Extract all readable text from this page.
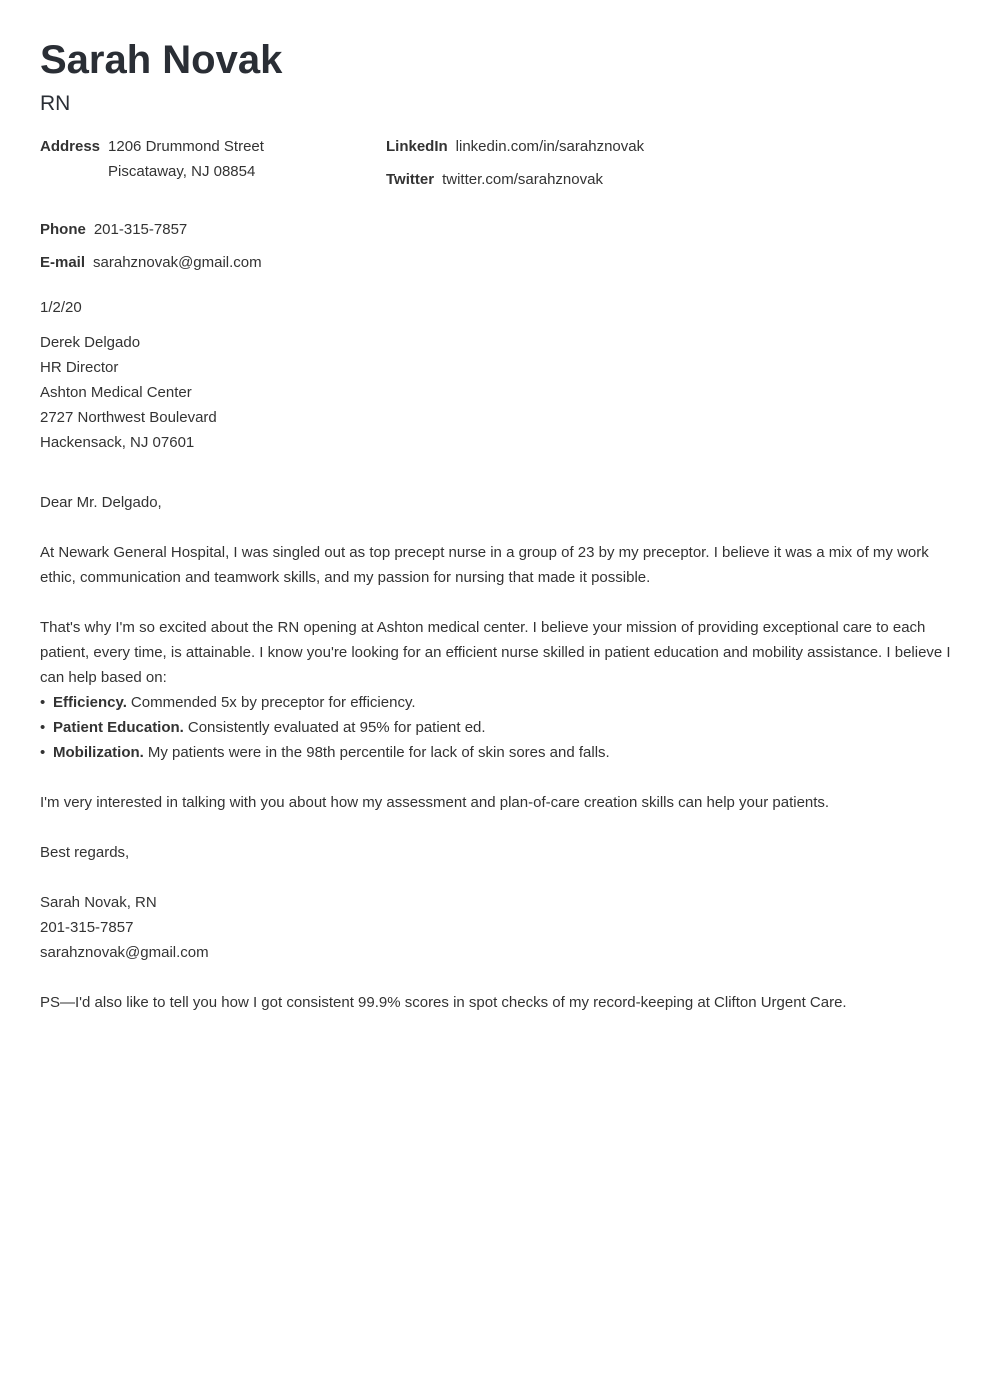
Sarah Novak
RN
Address 1206 Drummond Street
Piscataway, NJ 08854
LinkedIn linkedin.com/in/sarahznovak
Twitter twitter.com/sarahznovak
Phone 201-315-7857
E-mail sarahznovak@gmail.com
1/2/20
Derek Delgado
HR Director
Ashton Medical Center
2727 Northwest Boulevard
Hackensack, NJ 07601

Dear Mr. Delgado,

At Newark General Hospital, I was singled out as top precept nurse in a group of 23 by my preceptor. I believe it was a mix of my work ethic, communication and teamwork skills, and my passion for nursing that made it possible.

That's why I'm so excited about the RN opening at Ashton medical center. I believe your mission of providing exceptional care to each patient, every time, is attainable. I know you're looking for an efficient nurse skilled in patient education and mobility assistance. I believe I can help based on:

• Efficiency. Commended 5x by preceptor for efficiency.
• Patient Education. Consistently evaluated at 95% for patient ed.
• Mobilization. My patients were in the 98th percentile for lack of skin sores and falls.

I'm very interested in talking with you about how my assessment and plan-of-care creation skills can help your patients.

Best regards,

Sarah Novak, RN
201-315-7857
sarahznovak@gmail.com

PS—I'd also like to tell you how I got consistent 99.9% scores in spot checks of my record-keeping at Clifton Urgent Care.
